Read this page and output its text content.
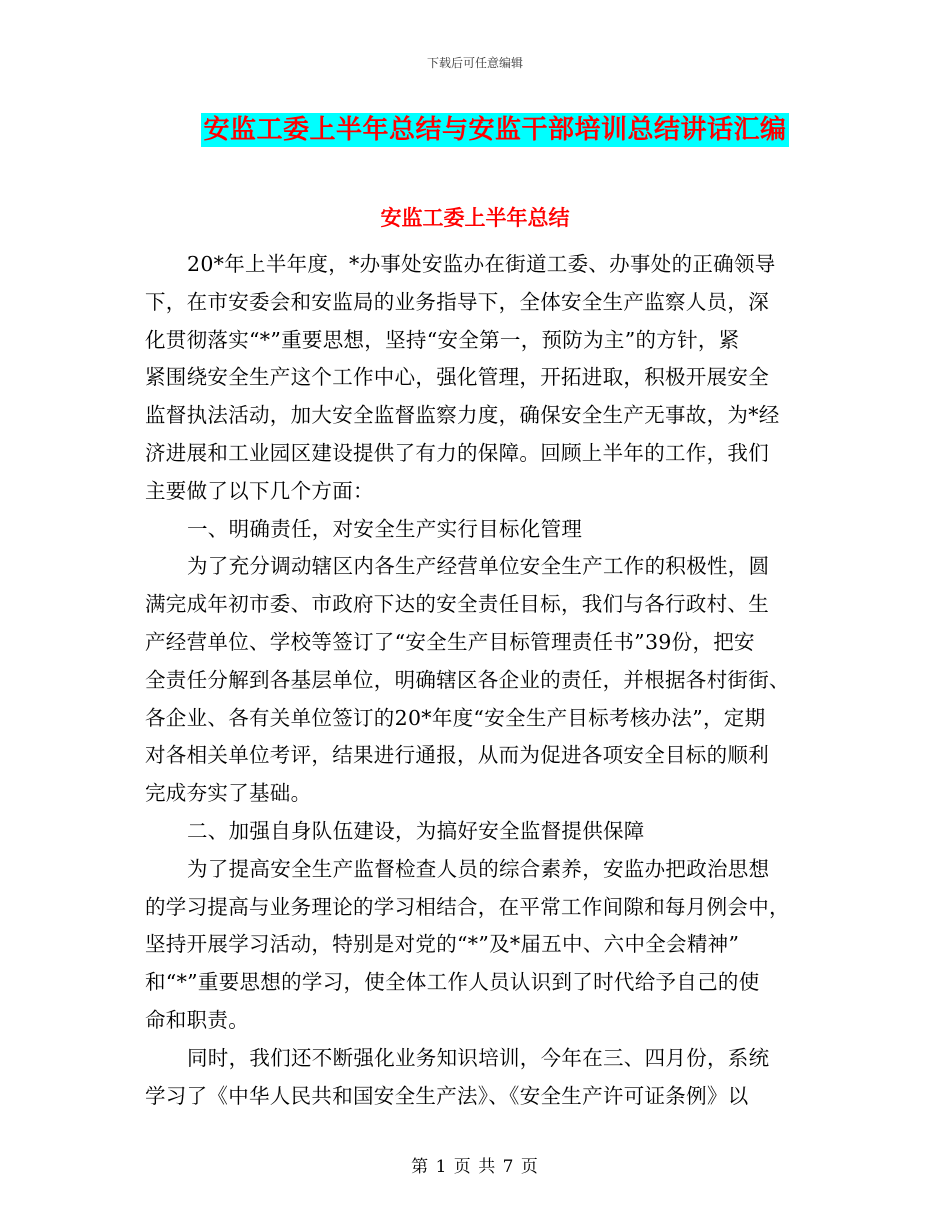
下载后可任意编辑
安监工委上半年总结与安监干部培训总结讲话汇编
安监工委上半年总结
20*年上半年度，*办事处安监办在街道工委、办事处的正确领导
下，在市安委会和安监局的业务指导下，全体安全生产监察人员，深
化贯彻落实“*”重要思想，坚持“安全第一，预防为主”的方针，紧
紧围绕安全生产这个工作中心，强化管理，开拓进取，积极开展安全
监督执法活动，加大安全监督监察力度，确保安全生产无事故，为*经
济进展和工业园区建设提供了有力的保障。回顾上半年的工作，我们
主要做了以下几个方面：
一、明确责任，对安全生产实行目标化管理
为了充分调动辖区内各生产经营单位安全生产工作的积极性，圆
满完成年初市委、市政府下达的安全责任目标，我们与各行政村、生
产经营单位、学校等签订了“安全生产目标管理责任书”39份，把安
全责任分解到各基层单位，明确辖区各企业的责任，并根据各村街街、
各企业、各有关单位签订的20*年度“安全生产目标考核办法”，定期
对各相关单位考评，结果进行通报，从而为促进各项安全目标的顺利
完成夯实了基础。
二、加强自身队伍建设，为搞好安全监督提供保障
为了提高安全生产监督检查人员的综合素养，安监办把政治思想
的学习提高与业务理论的学习相结合，在平常工作间隙和每月例会中，
坚持开展学习活动，特别是对党的“*”及*届五中、六中全会精神”
和“*”重要思想的学习，使全体工作人员认识到了时代给予自己的使
命和职责。
同时，我们还不断强化业务知识培训，今年在三、四月份，系统
学习了《中华人民共和国安全生产法》、《安全生产许可证条例》以
第 1 页 共 7 页
